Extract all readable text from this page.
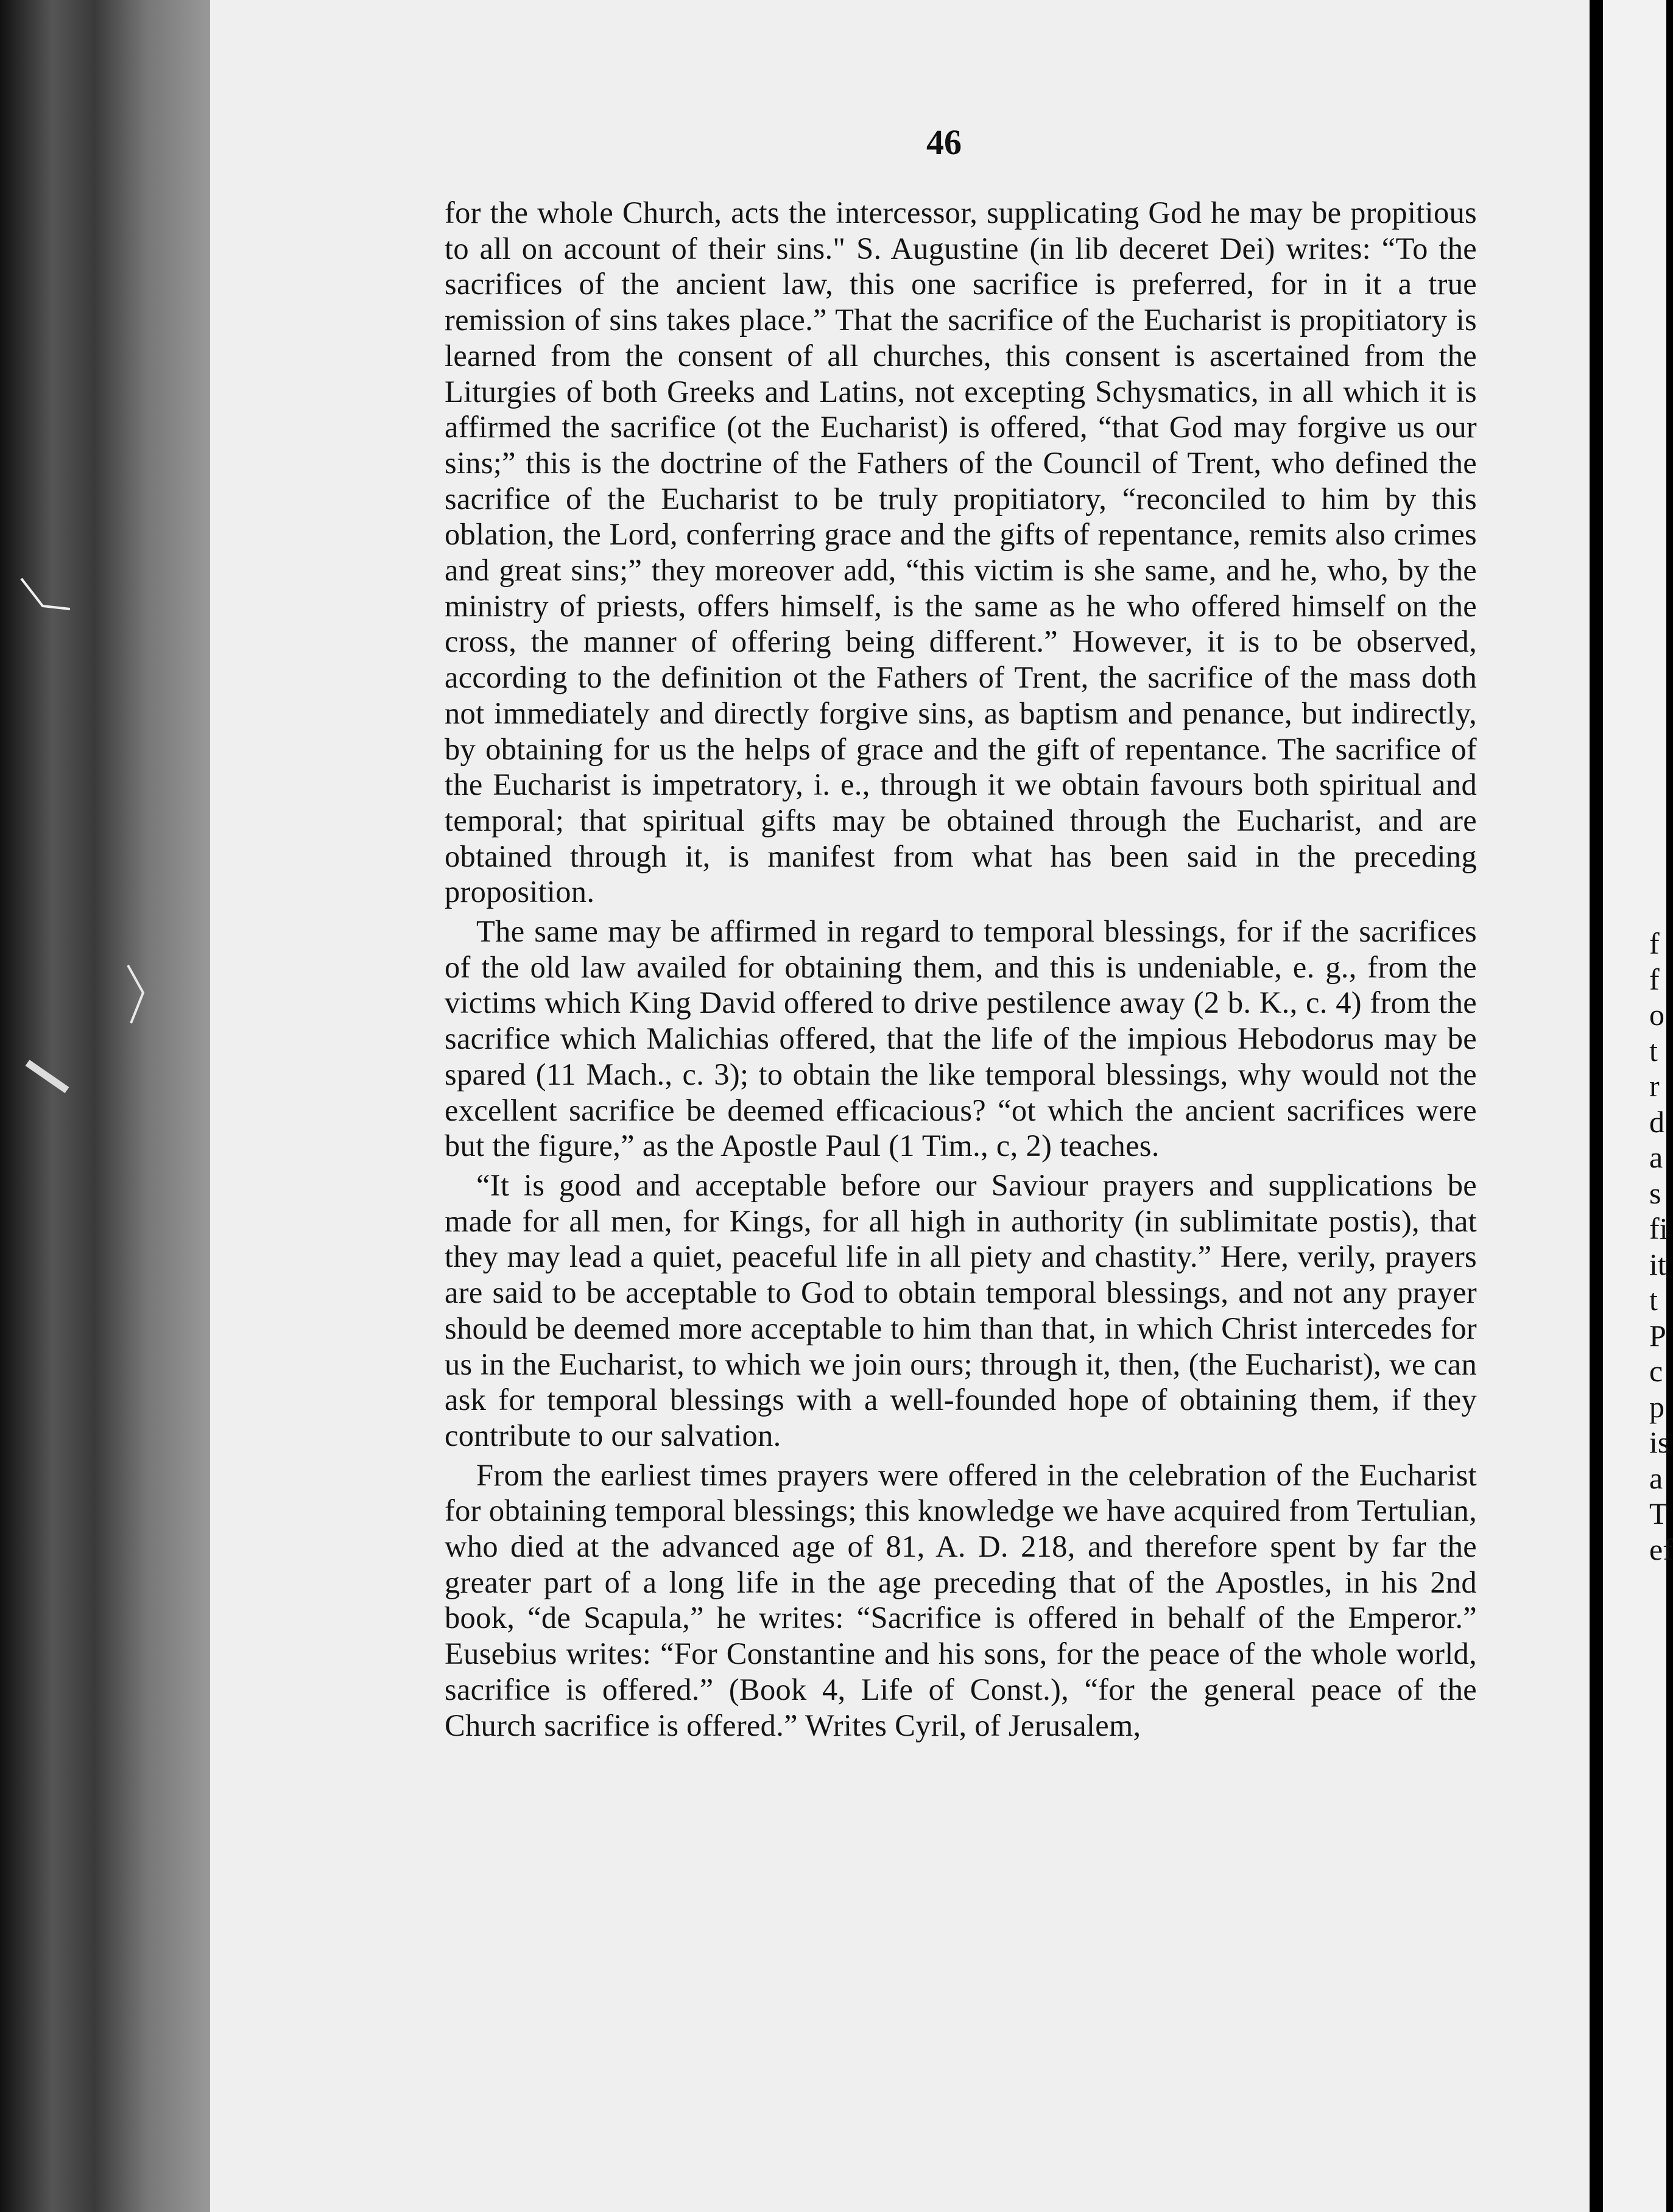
46

for the whole Church, acts the intercessor, supplicating God he may be propitious to all on account of their sins." S. Augustine (in lib deceret Dei) writes: “To the sacrifices of the ancient law, this one sacrifice is preferred, for in it a true remission of sins takes place.” That the sacrifice of the Eucharist is propitiatory is learned from the consent of all churches, this consent is ascertained from the Liturgies of both Greeks and Latins, not excepting Schysmatics, in all which it is affirmed the sacrifice (ot the Eucharist) is offered, “that God may forgive us our sins;” this is the doctrine of the Fathers of the Council of Trent, who defined the sacrifice of the Eucharist to be truly propitiatory, “reconciled to him by this oblation, the Lord, conferring grace and the gifts of repentance, remits also crimes and great sins;” they moreover add, “this victim is she same, and he, who, by the ministry of priests, offers himself, is the same as he who offered himself on the cross, the manner of offering being different.” However, it is to be observed, according to the definition ot the Fathers of Trent, the sacrifice of the mass doth not immediately and directly forgive sins, as baptism and penance, but indirectly, by obtaining for us the helps of grace and the gift of repentance. The sacrifice of the Eucharist is impetratory, i. e., through it we obtain favours both spiritual and temporal; that spiritual gifts may be obtained through the Eucharist, and are obtained through it, is manifest from what has been said in the preceding proposition.

The same may be affirmed in regard to temporal blessings, for if the sacrifices of the old law availed for obtaining them, and this is undeniable, e. g., from the victims which King David offered to drive pestilence away (2 b. K., c. 4) from the sacrifice which Malichias offered, that the life of the impious Hebodorus may be spared (11 Mach., c. 3); to obtain the like temporal blessings, why would not the excellent sacrifice be deemed efficacious? “ot which the ancient sacrifices were but the figure,” as the Apostle Paul (1 Tim., c, 2) teaches.

“It is good and acceptable before our Saviour prayers and supplications be made for all men, for Kings, for all high in authority (in sublimitate postis), that they may lead a quiet, peaceful life in all piety and chastity.” Here, verily, prayers are said to be acceptable to God to obtain temporal blessings, and not any prayer should be deemed more acceptable to him than that, in which Christ intercedes for us in the Eucharist, to which we join ours; through it, then, (the Eucharist), we can ask for temporal blessings with a well-founded hope of obtaining them, if they contribute to our salvation.

From the earliest times prayers were offered in the celebration of the Eucharist for obtaining temporal blessings; this knowledge we have acquired from Tertulian, who died at the advanced age of 81, A. D. 218, and therefore spent by far the greater part of a long life in the age preceding that of the Apostles, in his 2nd book, “de Scapula,” he writes: “Sacrifice is offered in behalf of the Emperor.” Eusebius writes: “For Constantine and his sons, for the peace of the whole world, sacrifice is offered.” (Book 4, Life of Const.), “for the general peace of the Church sacrifice is offered.” Writes Cyril, of Jerusalem,

f
f
o
t
r
d
a
s
fi
it
t
P
c
p
is
a
T
ef
